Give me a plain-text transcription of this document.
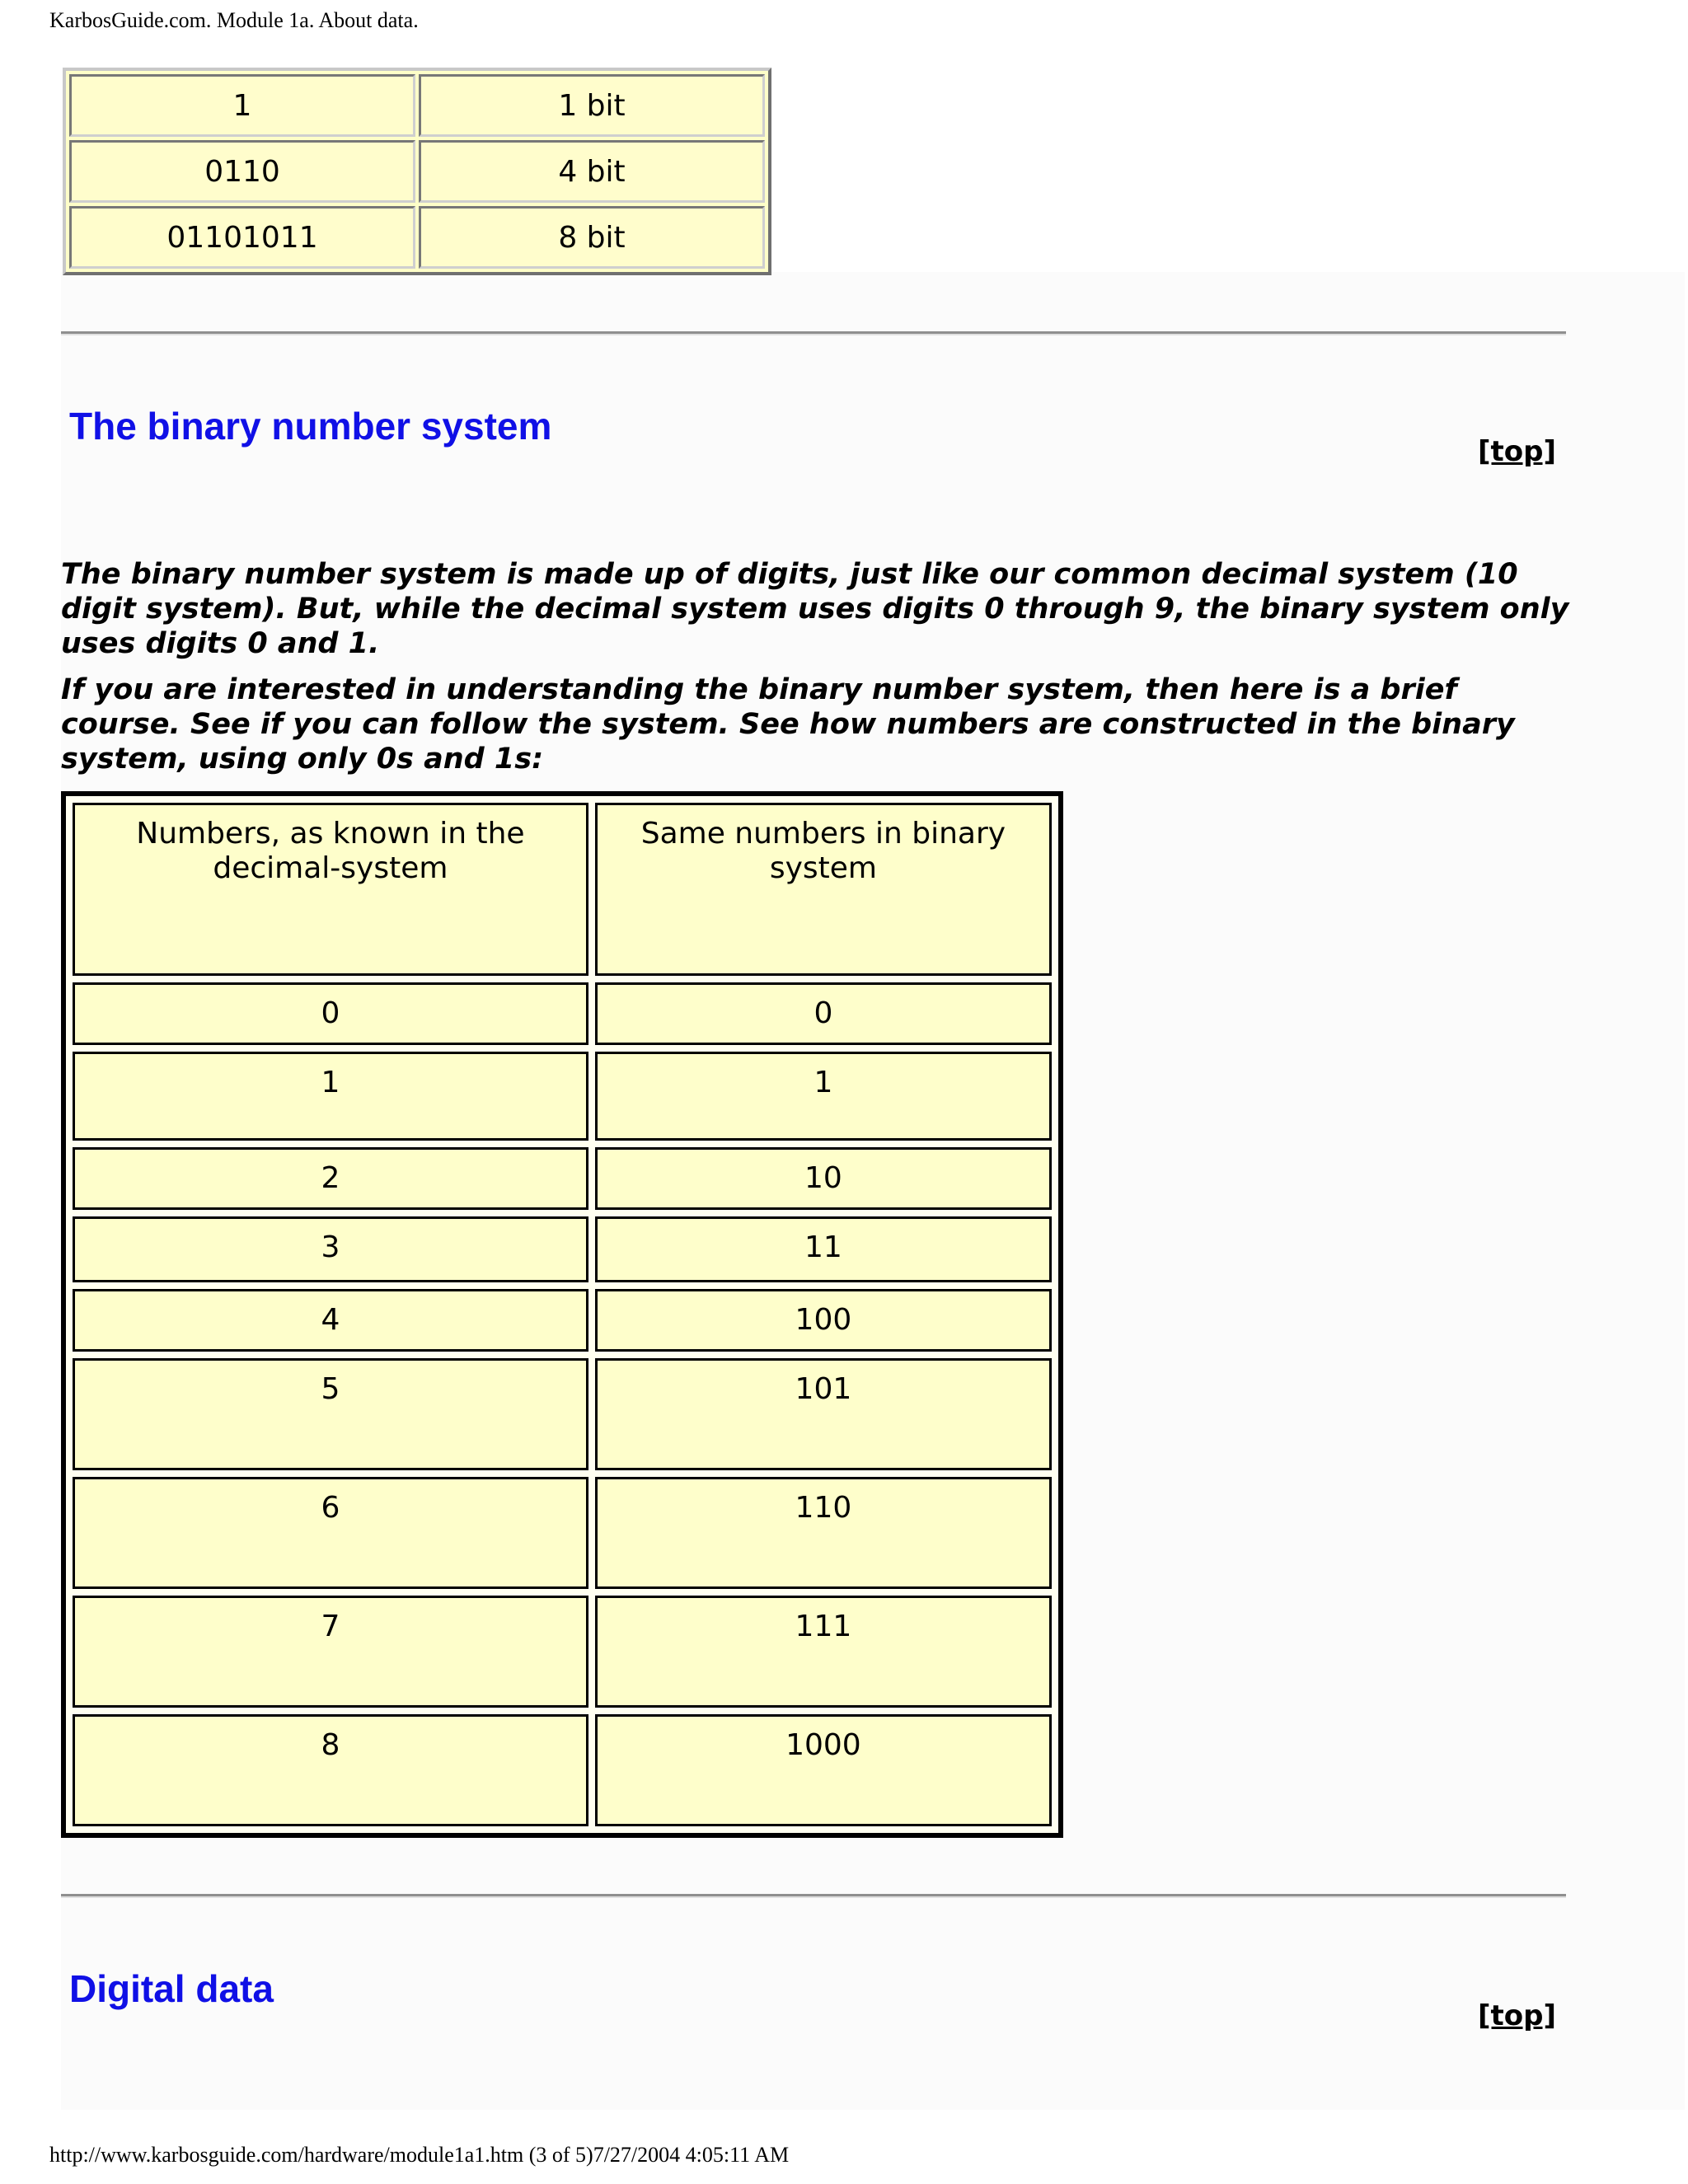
KarbosGuide.com. Module 1a. About data.
1	1 bit
0110	4 bit
01101011	8 bit
The binary number system
[top]

The binary number system is made up of digits, just like our common decimal system (10 digit system). But, while the decimal system uses digits 0 through 9, the binary system only uses digits 0 and 1.

If you are interested in understanding the binary number system, then here is a brief course. See if you can follow the system. See how numbers are constructed in the binary system, using only 0s and 1s:

Numbers, as known in the decimal-system	Same numbers in binary system
0	0
1	1
2	10
3	11
4	100
5	101
6	110
7	111
8	1000
Digital data
[top]
http://www.karbosguide.com/hardware/module1a1.htm (3 of 5)7/27/2004 4:05:11 AM
